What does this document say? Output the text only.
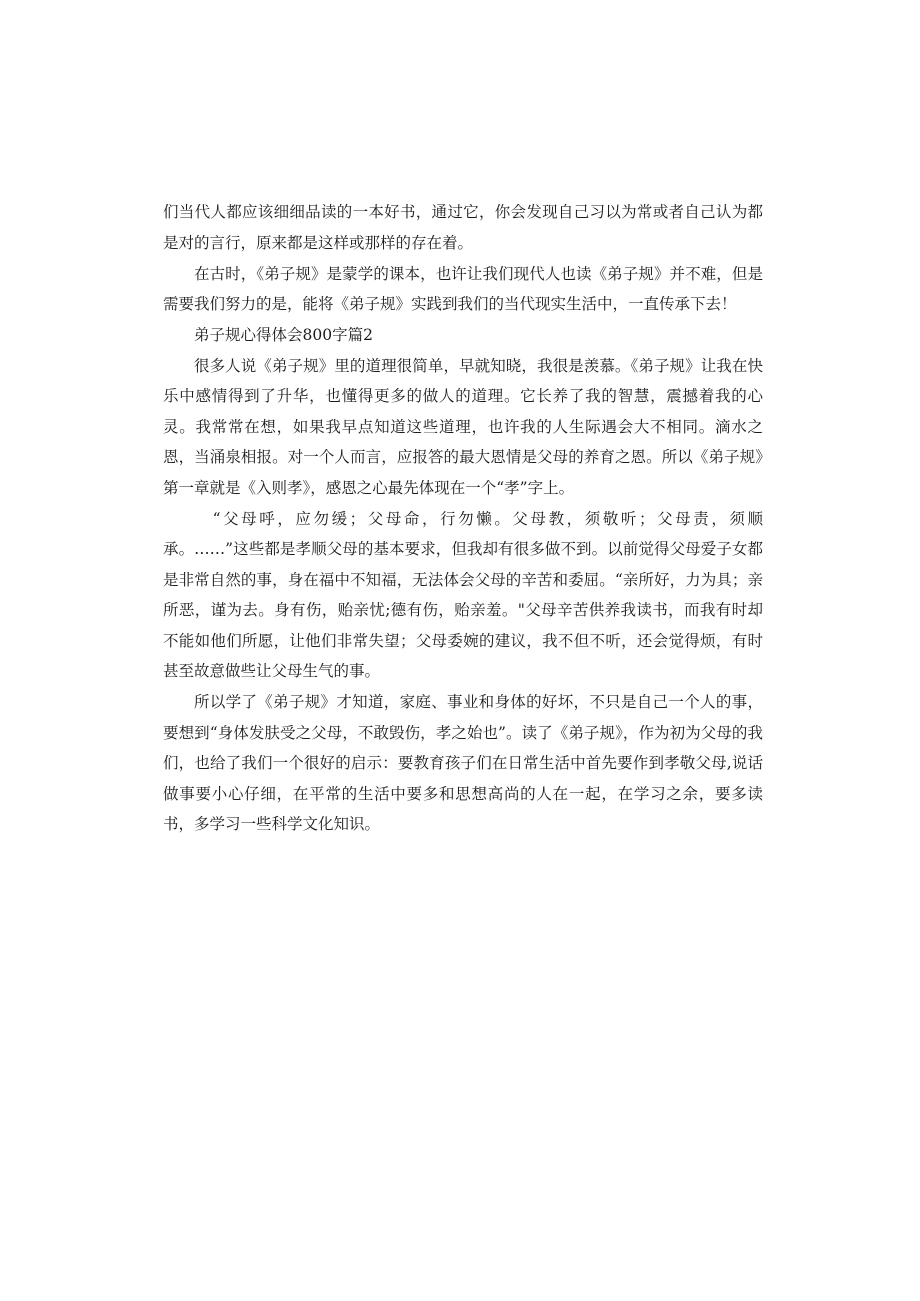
们当代人都应该细细品读的一本好书，通过它，你会发现自己习以为常或者自己认为都是对的言行，原来都是这样或那样的存在着。

在古时，《弟子规》是蒙学的课本，也许让我们现代人也读《弟子规》并不难，但是需要我们努力的是，能将《弟子规》实践到我们的当代现实生活中，一直传承下去！

弟子规心得体会800字篇2

很多人说《弟子规》里的道理很简单，早就知晓，我很是羡慕。《弟子规》让我在快乐中感情得到了升华，也懂得更多的做人的道理。它长养了我的智慧，震撼着我的心灵。我常常在想，如果我早点知道这些道理，也许我的人生际遇会大不相同。滴水之恩，当涌泉相报。对一个人而言，应报答的最大恩情是父母的养育之恩。所以《弟子规》第一章就是《入则孝》，感恩之心最先体现在一个“孝”字上。

“父母呼，应勿缓；父母命，行勿懒。父母教，须敬听；父母责，须顺承。……”这些都是孝顺父母的基本要求，但我却有很多做不到。以前觉得父母爱子女都是非常自然的事，身在福中不知福，无法体会父母的辛苦和委屈。“亲所好，力为具；亲所恶，谨为去。身有伤，贻亲忧;德有伤，贻亲羞。"父母辛苦供养我读书，而我有时却不能如他们所愿，让他们非常失望；父母委婉的建议，我不但不听，还会觉得烦，有时甚至故意做些让父母生气的事。

所以学了《弟子规》才知道，家庭、事业和身体的好坏，不只是自己一个人的事，要想到“身体发肤受之父母，不敢毁伤，孝之始也”。读了《弟子规》，作为初为父母的我们，也给了我们一个很好的启示：要教育孩子们在日常生活中首先要作到孝敬父母,说话做事要小心仔细，在平常的生活中要多和思想高尚的人在一起，在学习之余，要多读书，多学习一些科学文化知识。
